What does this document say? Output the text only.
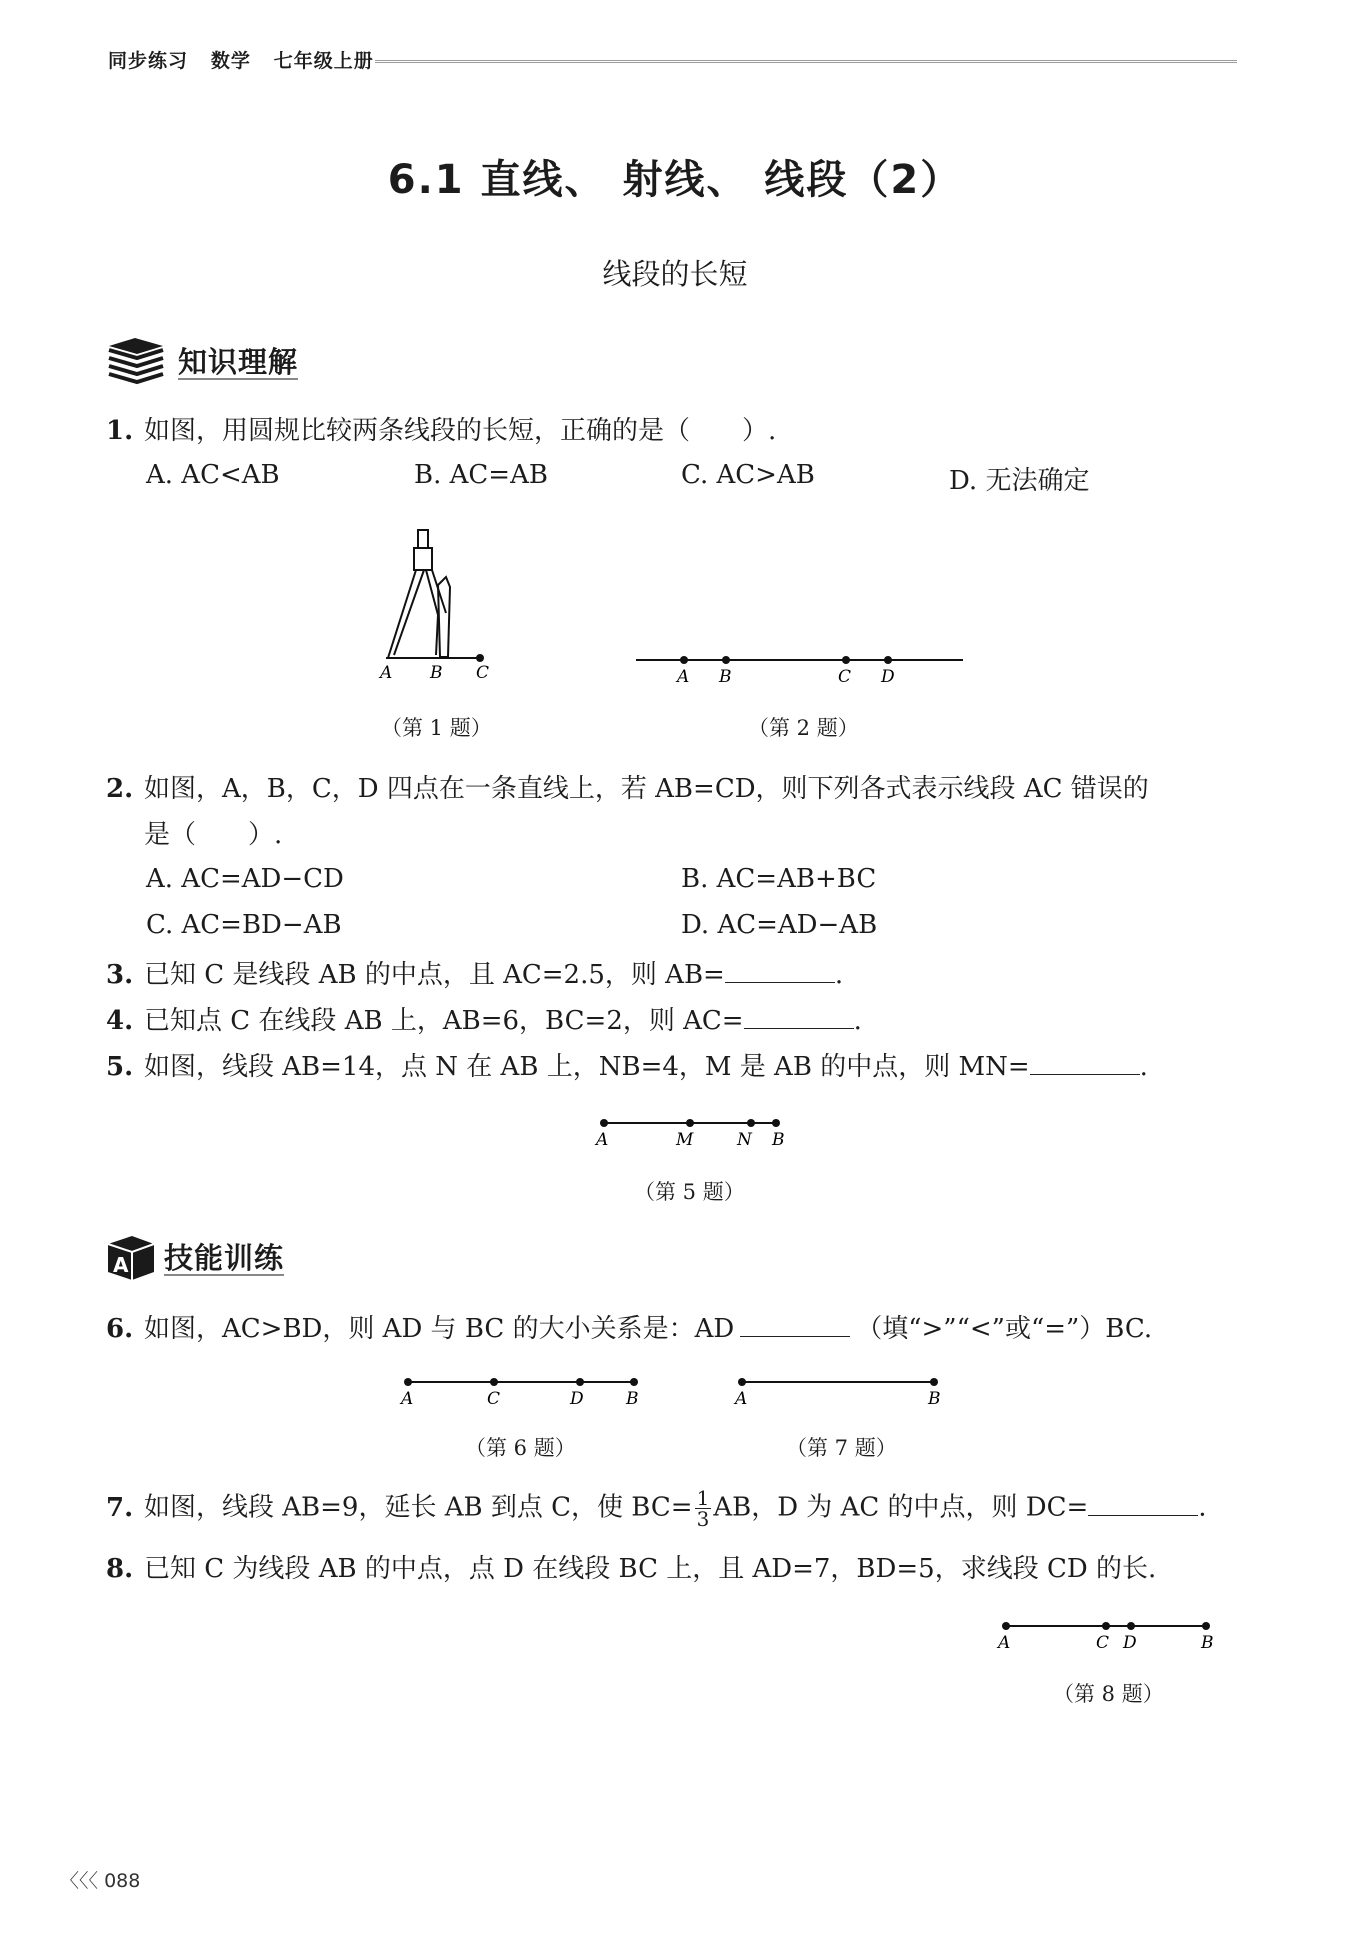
同步练习   数学   七年级上册
6.1 直线、 射线、 线段（2）
线段的长短
知识理解
1. 如图，用圆规比较两条线段的长短，正确的是（　　）.
A. AC<AB	B. AC=AB	C. AC>AB	D. 无法确定
A B C
（第 1 题）
A B	C D
（第 2 题）
2. 如图，A，B，C，D 四点在一条直线上，若 AB=CD，则下列各式表示线段 AC 错误的
是（　　）.
A. AC=AD−CD	B. AC=AB+BC
C. AC=BD−AB	D. AC=AD−AB
3. 已知 C 是线段 AB 的中点，且 AC=2.5，则 AB=	.
4. 已知点 C 在线段 AB 上，AB=6，BC=2，则 AC=	.
5. 如图，线段 AB=14，点 N 在 AB 上，NB=4，M 是 AB 的中点，则 MN=	.
A	M	N B
（第 5 题）
A 技能训练
6. 如图，AC>BD，则 AD 与 BC 的大小关系是：AD	（填“>”“<”或“=”）BC.
A	C	D B
（第 6 题）
A	B
（第 7 题）
7. 如图，线段 AB=9，延长 AB 到点 C，使 $BC= \frac{1}{3}$ AB，D 为 AC 的中点，则 DC=	.
8. 已知 C 为线段 AB 的中点，点 D 在线段 BC 上，且 AD=7，BD=5，求线段 CD 的长.
A	C D	B
（第 8 题）
〈〈〈 088
